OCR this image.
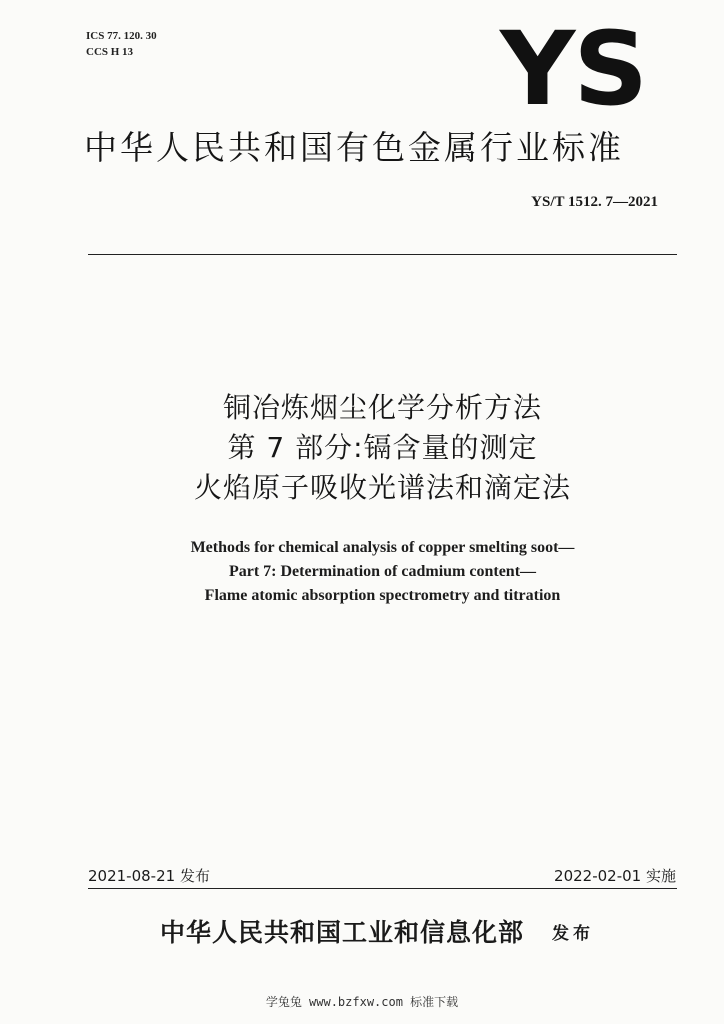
ICS 77. 120. 30
CCS H 13	YS
中华人民共和国有色金属行业标准
YS/T 1512. 7—2021
铜冶炼烟尘化学分析方法
第 7 部分:镉含量的测定
火焰原子吸收光谱法和滴定法
Methods for chemical analysis of copper smelting soot—
Part 7: Determination of cadmium content—
Flame atomic absorption spectrometry and titration
2021-08-21 发布	2022-02-01 实施
中华人民共和国工业和信息化部 发布
学兔兔 www.bzfxw.com 标准下载
